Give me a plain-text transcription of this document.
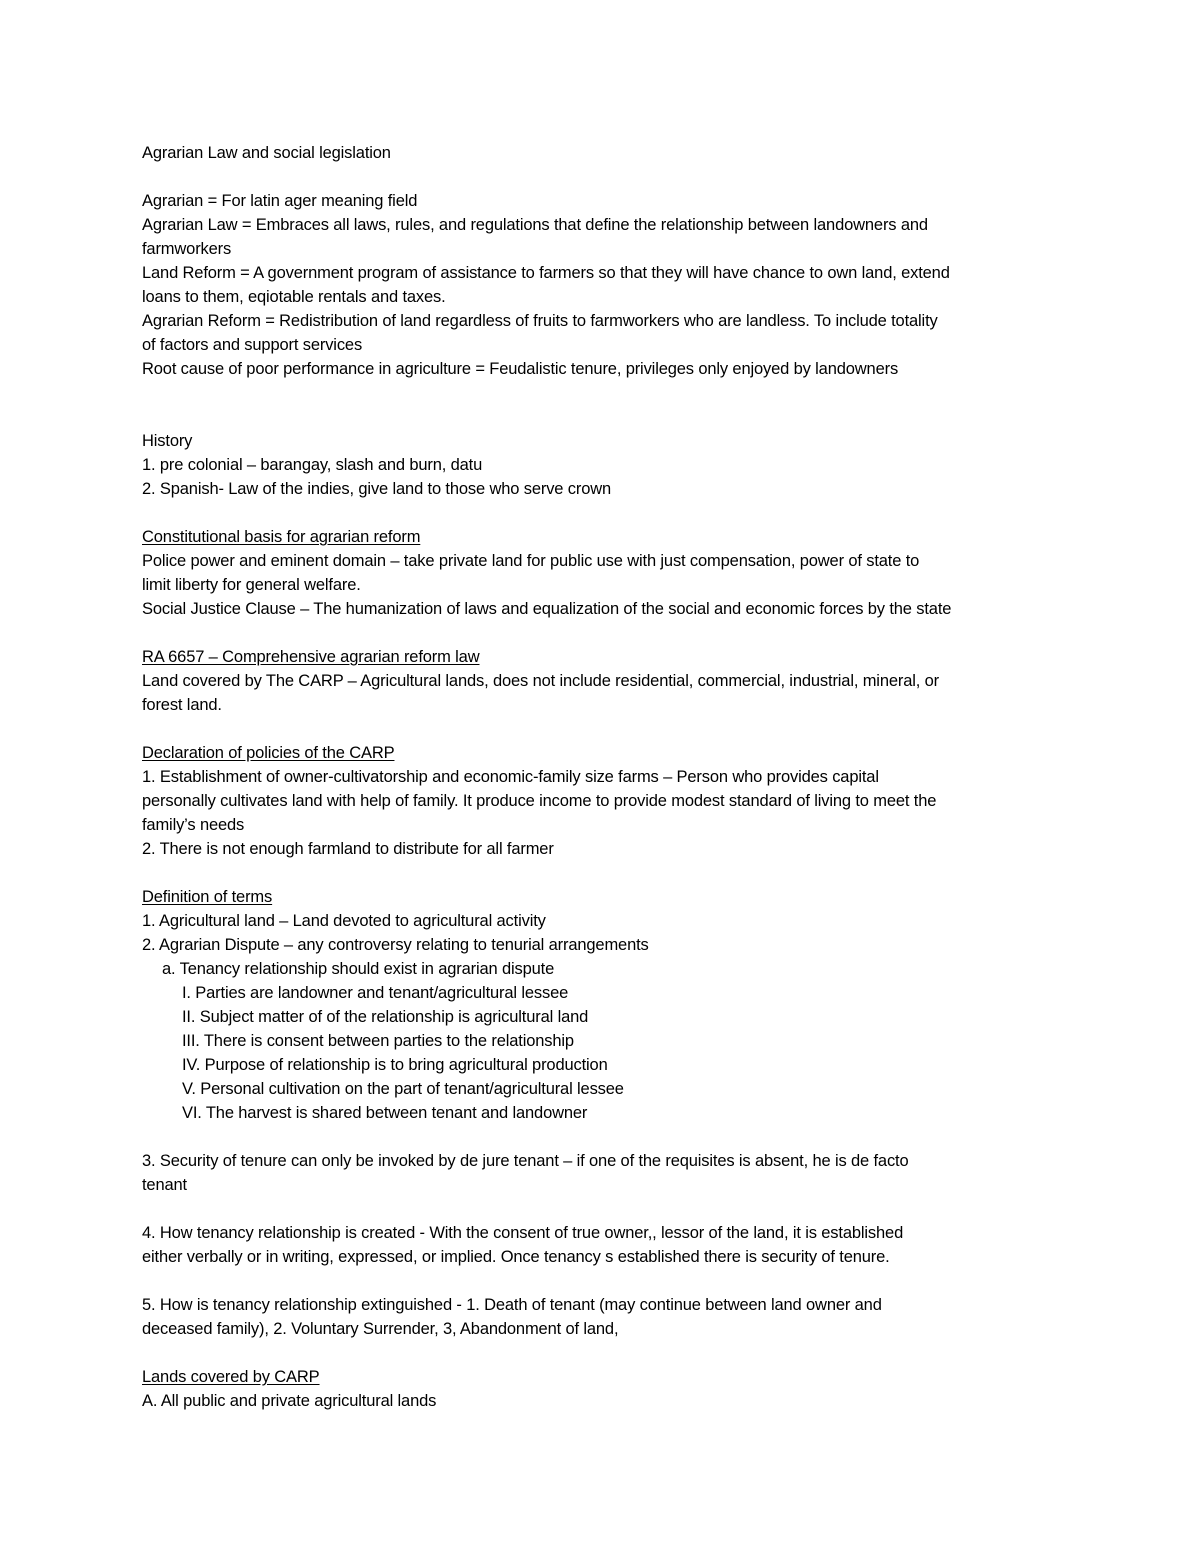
Agrarian Law and social legislation
Agrarian = For latin ager meaning field
Agrarian Law = Embraces all laws, rules, and regulations that define the relationship between landowners and
farmworkers
Land Reform = A government program of assistance to farmers so that they will have chance to own land, extend
loans to them, eqiotable rentals and taxes.
Agrarian Reform = Redistribution of land regardless of fruits to farmworkers who are landless. To include totality
of factors and support services
Root cause of poor performance in agriculture = Feudalistic tenure, privileges only enjoyed by landowners
History
1. pre colonial – barangay, slash and burn, datu
2. Spanish- Law of the indies, give land to those who serve crown
Constitutional basis for agrarian reform
Police power and eminent domain – take private land for public use with just compensation, power of state to
limit liberty for general welfare.
Social Justice Clause – The humanization of laws and equalization of the social and economic forces by the state
RA 6657 – Comprehensive agrarian reform law
Land covered by The CARP – Agricultural lands, does not include residential, commercial, industrial, mineral, or
forest land.
Declaration of policies of the CARP
1. Establishment of owner-cultivatorship and economic-family size farms – Person who provides capital
personally cultivates land with help of family. It produce income to provide modest standard of living to meet the
family’s needs
2. There is not enough farmland to distribute for all farmer
Definition of terms
1. Agricultural land – Land devoted to agricultural activity
2. Agrarian Dispute – any controversy relating to tenurial arrangements
a. Tenancy relationship should exist in agrarian dispute
I. Parties are landowner and tenant/agricultural lessee
II. Subject matter of of the relationship is agricultural land
III. There is consent between parties to the relationship
IV. Purpose of relationship is to bring agricultural production
V. Personal cultivation on the part of tenant/agricultural lessee
VI. The harvest is shared between tenant and landowner
3. Security of tenure can only be invoked by de jure tenant – if one of the requisites is absent, he is de facto
tenant
4. How tenancy relationship is created - With the consent of true owner,, lessor of the land, it is established
either verbally or in writing, expressed, or implied. Once tenancy s established there is security of tenure.
5. How is tenancy relationship extinguished - 1. Death of tenant (may continue between land owner and
deceased family), 2. Voluntary Surrender, 3, Abandonment of land,
Lands covered by CARP
A. All public and private agricultural lands
